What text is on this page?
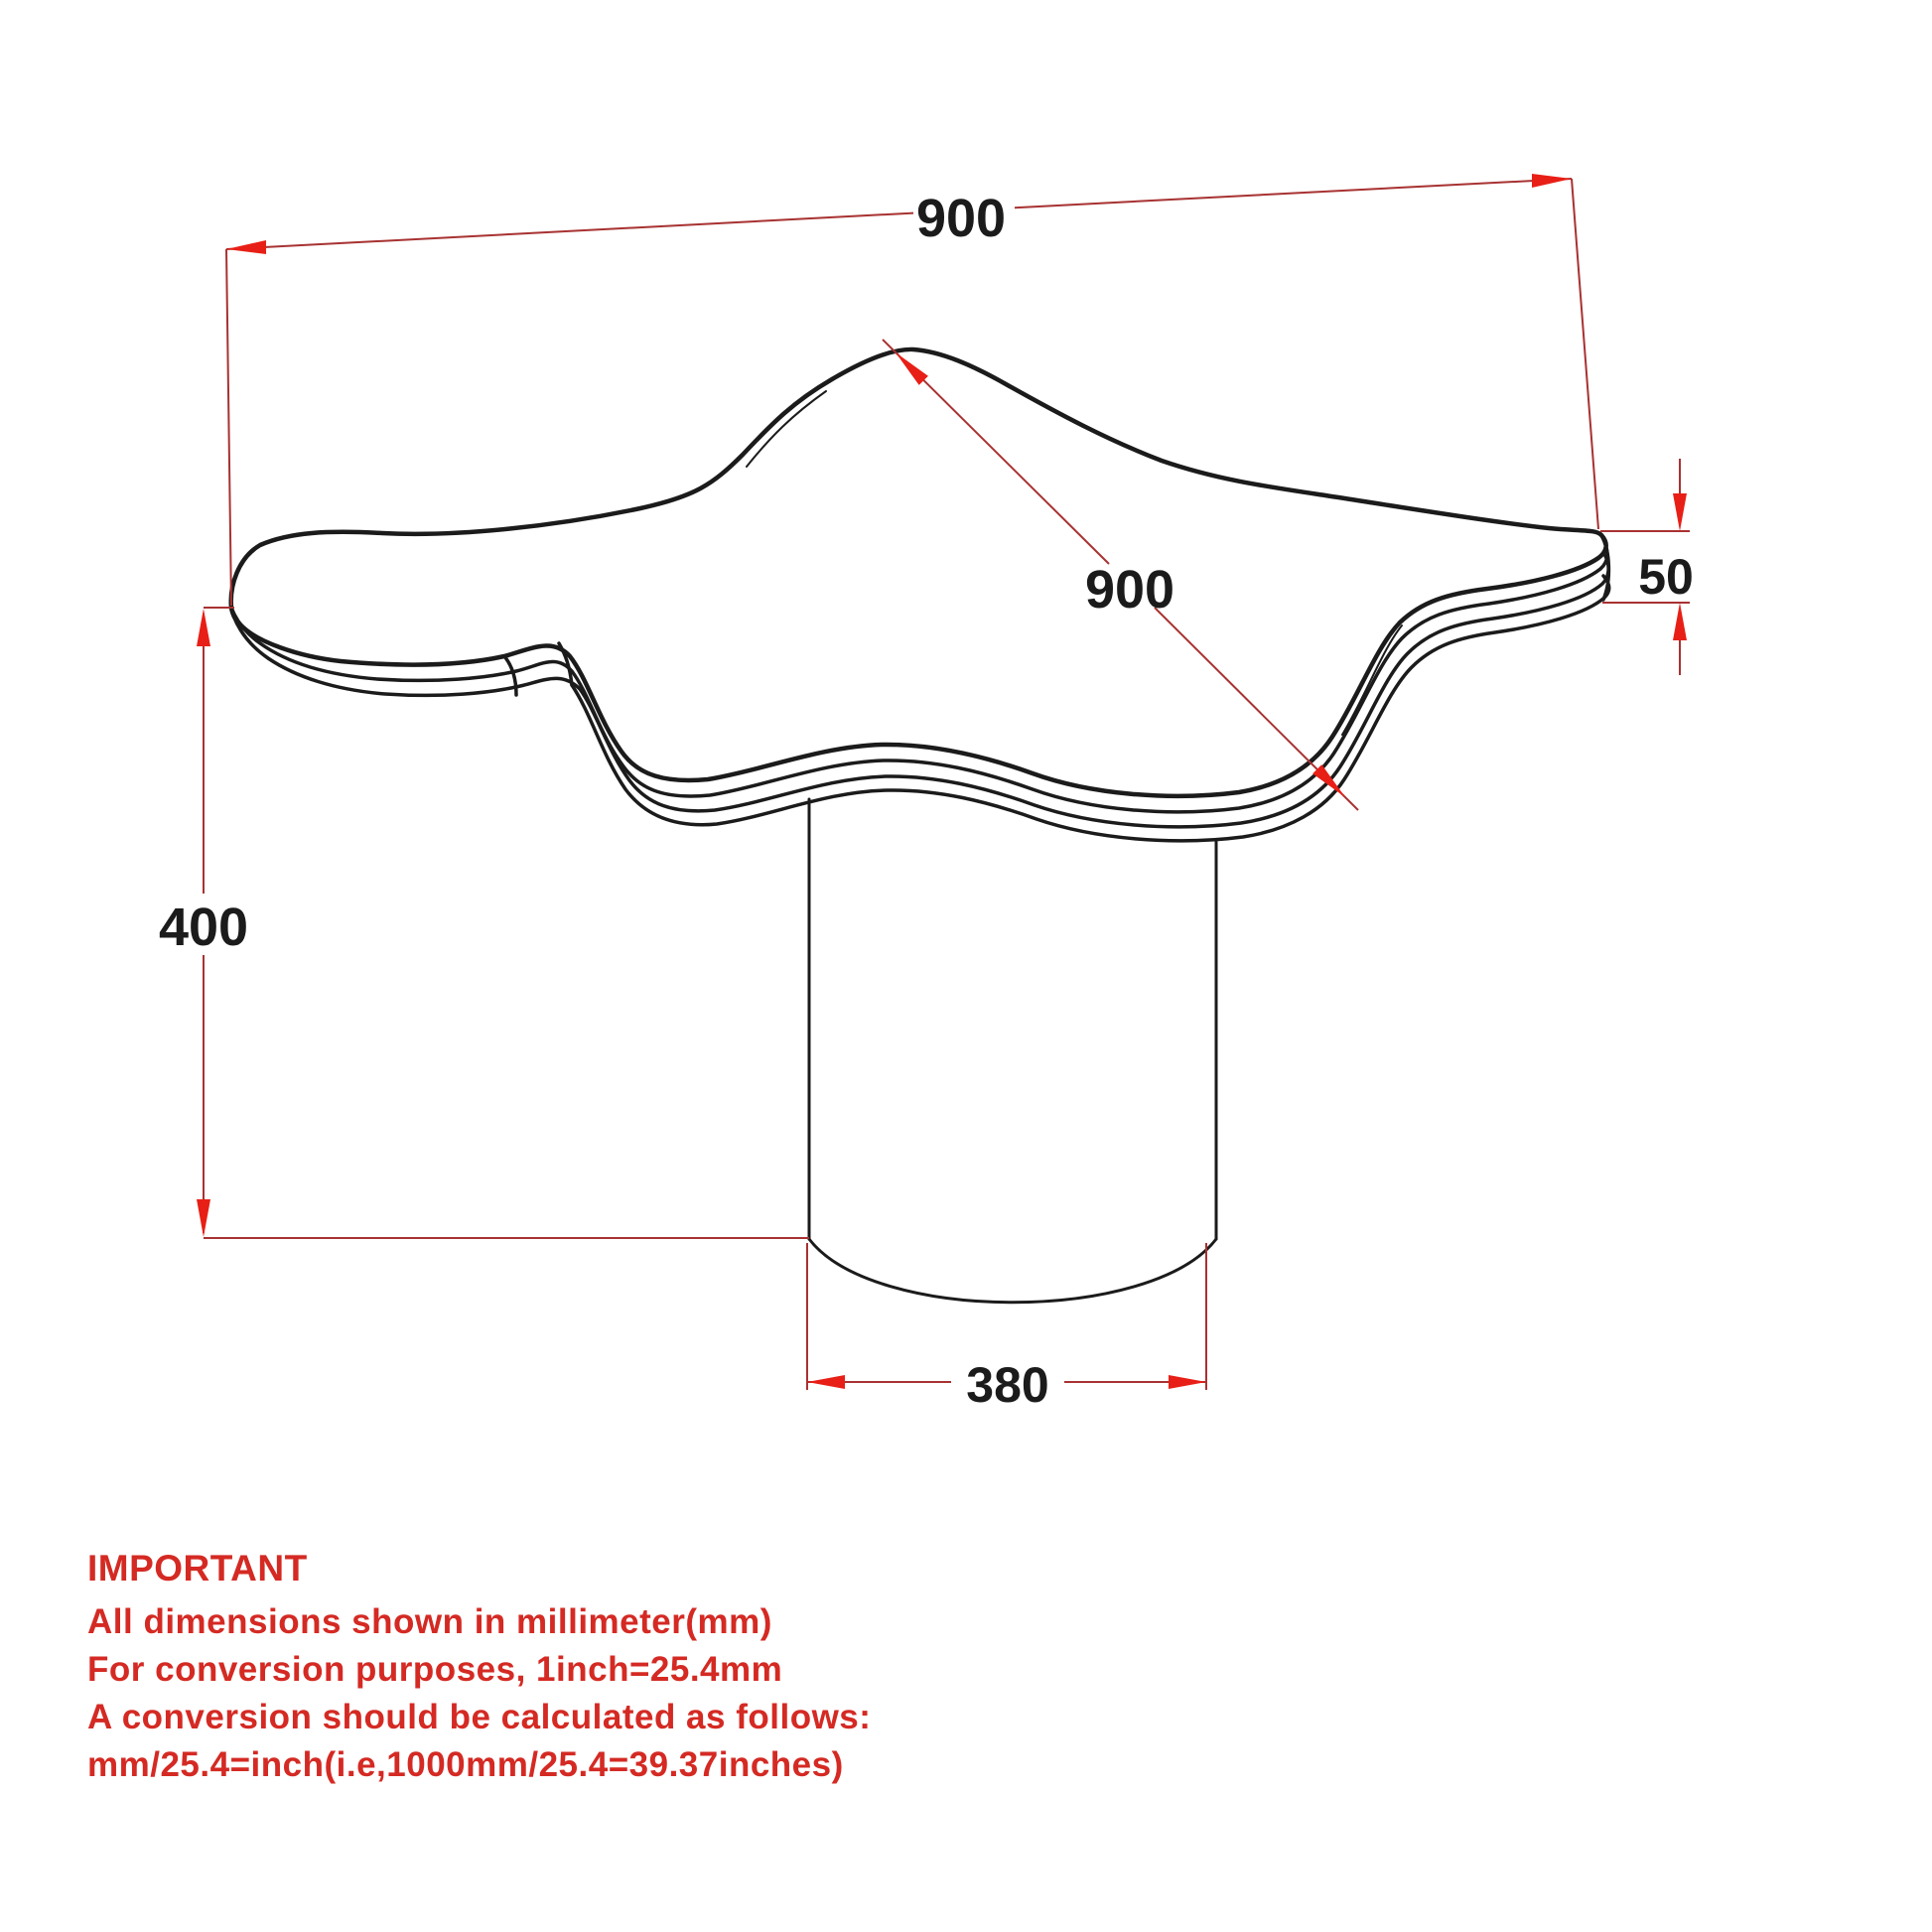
900
900	50
400
380
IMPORTANT
All dimensions shown in millimeter(mm)
For conversion purposes, 1inch=25.4mm
A conversion should be calculated as follows:
mm/25.4=inch(i.e,1000mm/25.4=39.37inches)
